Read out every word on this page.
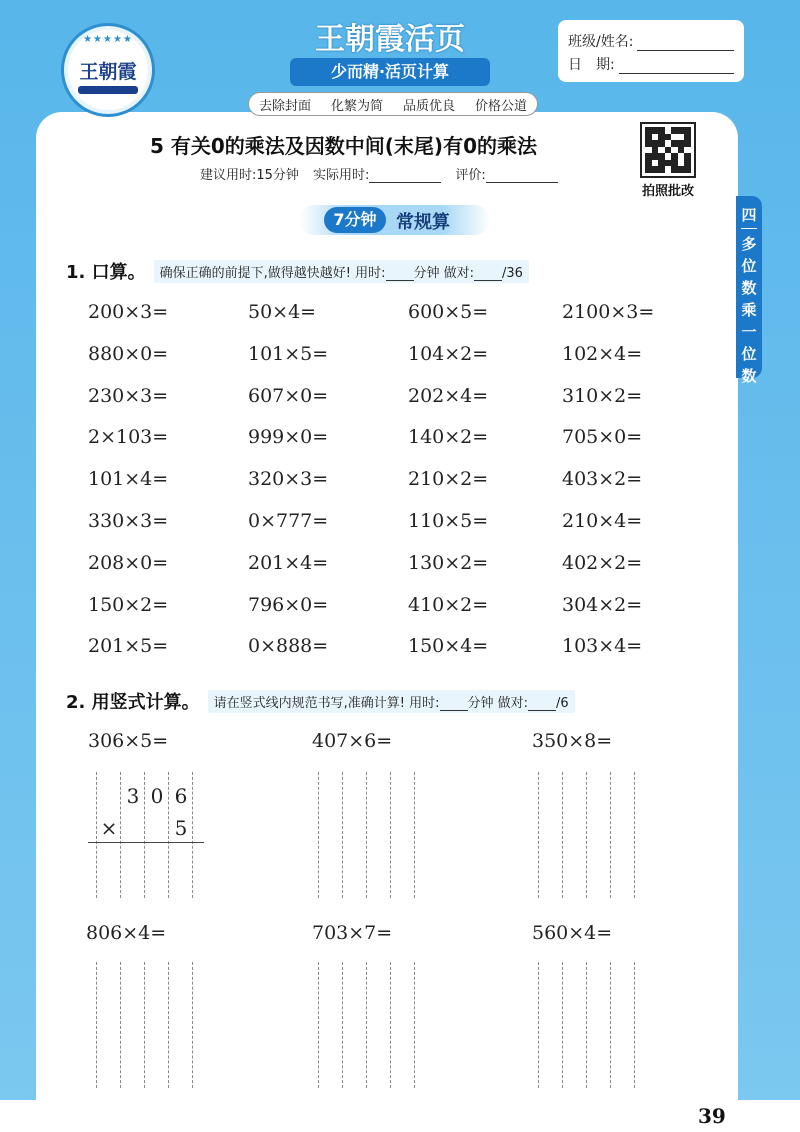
★★★★★
王朝霞
王朝霞活页
少而精·活页计算
班级/姓名:
日　期:
去除封面 化繁为简 品质优良 价格公道
5 有关0的乘法及因数中间(末尾)有0的乘法
建议用时:15分钟 实际用时:	评价:
拍照批改
四
多
位
数
乘
一
位
数
7分钟	常规算
1. 口算。	确保正确的前提下,做得越快越好! 用时: 分钟 做对: /36
200×3=	50×4=	600×5=	2100×3=
880×0=	101×5=	104×2=	102×4=
230×3=	607×0=	202×4=	310×2=
2×103=	999×0=	140×2=	705×0=
101×4=	320×3=	210×2=	403×2=
330×3=	0×777=	110×5=	210×4=
208×0=	201×4=	130×2=	402×2=
150×2=	796×0=	410×2=	304×2=
201×5=	0×888=	150×4=	103×4=
2. 用竖式计算。	请在竖式线内规范书写,准确计算! 用时: 分钟 做对: /6
306×5=	407×6=	350×8=
806×4=	703×7=	560×4=
3 0 6
×	5
39
